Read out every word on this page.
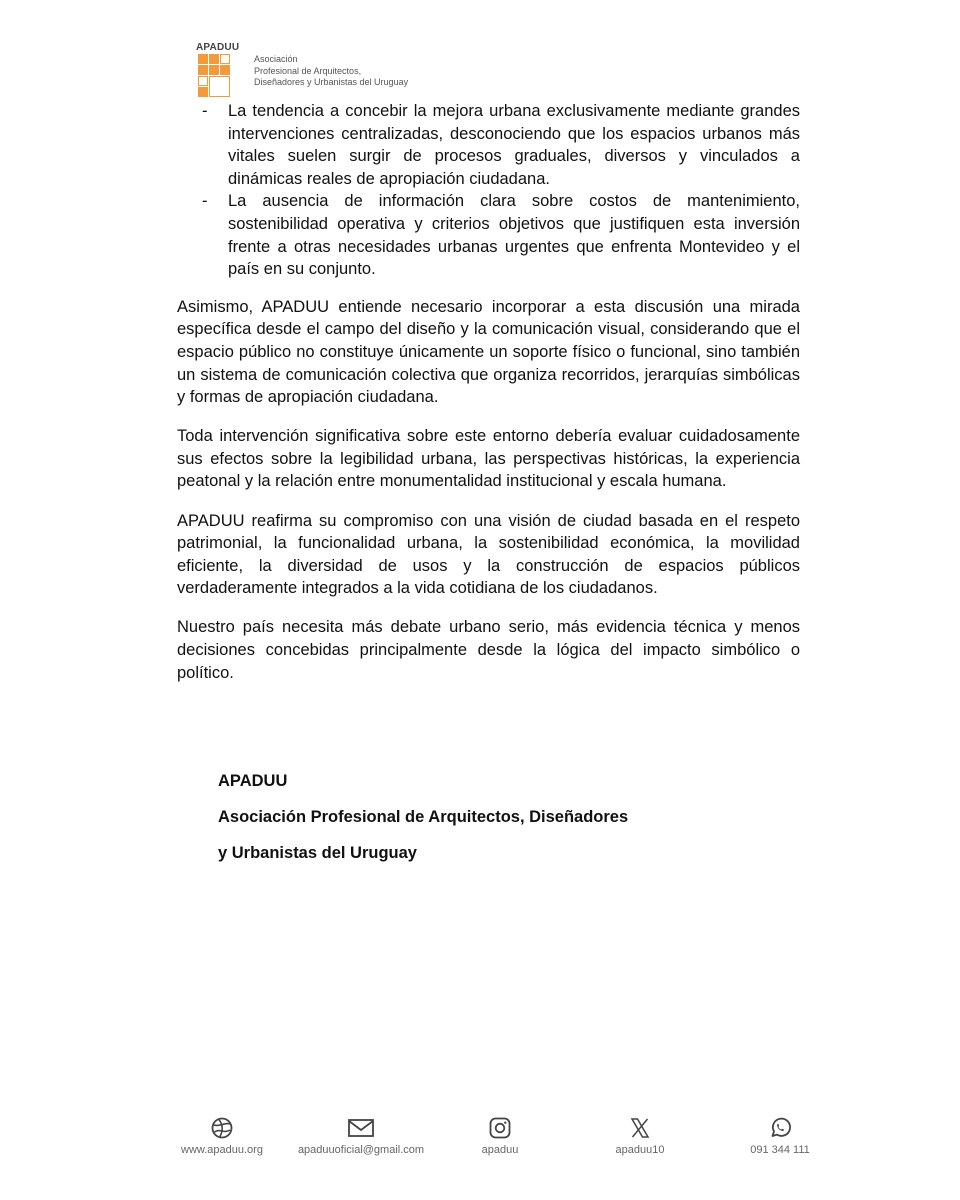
APADUU
Asociación
Profesional de Arquitectos,
Diseñadores y Urbanistas del Uruguay
- La tendencia a concebir la mejora urbana exclusivamente mediante grandes intervenciones centralizadas, desconociendo que los espacios urbanos más vitales suelen surgir de procesos graduales, diversos y vinculados a dinámicas reales de apropiación ciudadana.
- La ausencia de información clara sobre costos de mantenimiento, sostenibilidad operativa y criterios objetivos que justifiquen esta inversión frente a otras necesidades urbanas urgentes que enfrenta Montevideo y el país en su conjunto.

Asimismo, APADUU entiende necesario incorporar a esta discusión una mirada específica desde el campo del diseño y la comunicación visual, considerando que el espacio público no constituye únicamente un soporte físico o funcional, sino también un sistema de comunicación colectiva que organiza recorridos, jerarquías simbólicas y formas de apropiación ciudadana.

Toda intervención significativa sobre este entorno debería evaluar cuidadosamente sus efectos sobre la legibilidad urbana, las perspectivas históricas, la experiencia peatonal y la relación entre monumentalidad institucional y escala humana.

APADUU reafirma su compromiso con una visión de ciudad basada en el respeto patrimonial, la funcionalidad urbana, la sostenibilidad económica, la movilidad eficiente, la diversidad de usos y la construcción de espacios públicos verdaderamente integrados a la vida cotidiana de los ciudadanos.

Nuestro país necesita más debate urbano serio, más evidencia técnica y menos decisiones concebidas principalmente desde la lógica del impacto simbólico o político.

APADUU
Asociación Profesional de Arquitectos, Diseñadores
y Urbanistas del Uruguay
www.apaduu.org	apaduuoficial@gmail.com	apaduu	apaduu10	091 344 111
